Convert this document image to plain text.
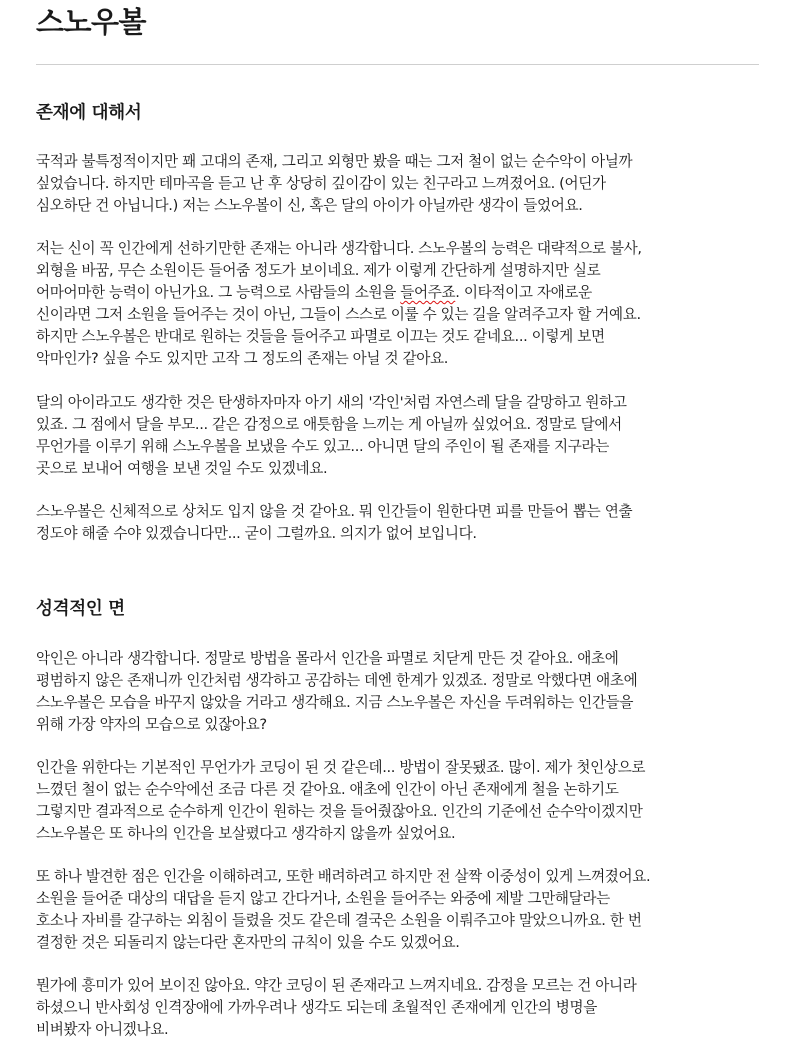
스노우볼
존재에 대해서

국적과 불특정적이지만 꽤 고대의 존재, 그리고 외형만 봤을 때는 그저 철이 없는 순수악이 아닐까
싶었습니다. 하지만 테마곡을 듣고 난 후 상당히 깊이감이 있는 친구라고 느껴졌어요. (어딘가
심오하단 건 아닙니다.) 저는 스노우볼이 신, 혹은 달의 아이가 아닐까란 생각이 들었어요.

저는 신이 꼭 인간에게 선하기만한 존재는 아니라 생각합니다. 스노우볼의 능력은 대략적으로 불사,
외형을 바꿈, 무슨 소원이든 들어줌 정도가 보이네요. 제가 이렇게 간단하게 설명하지만 실로
어마어마한 능력이 아닌가요. 그 능력으로 사람들의 소원을 들어주죠. 이타적이고 자애로운
신이라면 그저 소원을 들어주는 것이 아닌, 그들이 스스로 이룰 수 있는 길을 알려주고자 할 거예요.
하지만 스노우볼은 반대로 원하는 것들을 들어주고 파멸로 이끄는 것도 같네요... 이렇게 보면
악마인가? 싶을 수도 있지만 고작 그 정도의 존재는 아닐 것 같아요.

달의 아이라고도 생각한 것은 탄생하자마자 아기 새의 '각인'처럼 자연스레 달을 갈망하고 원하고
있죠. 그 점에서 달을 부모... 같은 감정으로 애틋함을 느끼는 게 아닐까 싶었어요. 정말로 달에서
무언가를 이루기 위해 스노우볼을 보냈을 수도 있고... 아니면 달의 주인이 될 존재를 지구라는
곳으로 보내어 여행을 보낸 것일 수도 있겠네요.

스노우볼은 신체적으로 상처도 입지 않을 것 같아요. 뭐 인간들이 원한다면 피를 만들어 뽑는 연출
정도야 해줄 수야 있겠습니다만... 굳이 그럴까요. 의지가 없어 보입니다.

성격적인 면

악인은 아니라 생각합니다. 정말로 방법을 몰라서 인간을 파멸로 치닫게 만든 것 같아요. 애초에
평범하지 않은 존재니까 인간처럼 생각하고 공감하는 데엔 한계가 있겠죠. 정말로 악했다면 애초에
스노우볼은 모습을 바꾸지 않았을 거라고 생각해요. 지금 스노우볼은 자신을 두려워하는 인간들을
위해 가장 약자의 모습으로 있잖아요?

인간을 위한다는 기본적인 무언가가 코딩이 된 것 같은데... 방법이 잘못됐죠. 많이. 제가 첫인상으로
느꼈던 철이 없는 순수악에선 조금 다른 것 같아요. 애초에 인간이 아닌 존재에게 철을 논하기도
그렇지만 결과적으로 순수하게 인간이 원하는 것을 들어줬잖아요. 인간의 기준에선 순수악이겠지만
스노우볼은 또 하나의 인간을 보살폈다고 생각하지 않을까 싶었어요.

또 하나 발견한 점은 인간을 이해하려고, 또한 배려하려고 하지만 전 살짝 이중성이 있게 느껴졌어요.
소원을 들어준 대상의 대답을 듣지 않고 간다거나, 소원을 들어주는 와중에 제발 그만해달라는
호소나 자비를 갈구하는 외침이 들렸을 것도 같은데 결국은 소원을 이뤄주고야 말았으니까요. 한 번
결정한 것은 되돌리지 않는다란 혼자만의 규칙이 있을 수도 있겠어요.

뭔가에 흥미가 있어 보이진 않아요. 약간 코딩이 된 존재라고 느껴지네요. 감정을 모르는 건 아니라
하셨으니 반사회성 인격장애에 가까우려나 생각도 되는데 초월적인 존재에게 인간의 병명을
비벼봤자 아니겠나요.
